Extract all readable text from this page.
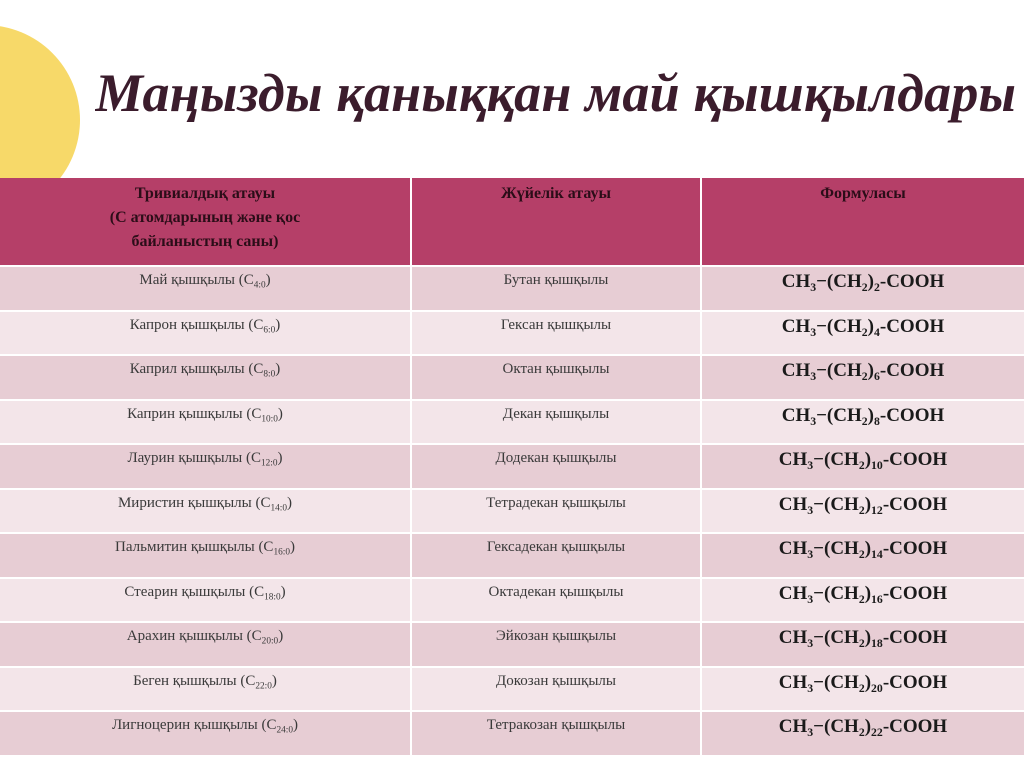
Маңызды қаныққан май қышқылдары
Тривиалдық атауы
(С атомдарының және қос
байланыстың саны)
Жүйелік атауы	Формуласы
Май қышқылы $(C_{4:0})$	Бутан қышқылы	$CH_3-(CH_2)_2$-COOH
Капрон қышқылы $(C_{6:0})$	Гексан қышқылы	$CH_3-(CH_2)_4$-COOH
Каприл қышқылы $(C_{8:0})$	Октан қышқылы	$CH_3-(CH_2)_6$-COOH
Каприн қышқылы $(C_{10:0})$	Декан қышқылы	$CH_3-(CH_2)_8$-COOH
Лаурин қышқылы $(C_{12:0})$	Додекан қышқылы	$CH_3-(CH_2)_{10}$-COOH
Миристин қышқылы $(C_{14:0})$	Тетрадекан қышқылы	$CH_3-(CH_2)_{12}$-COOH
Пальмитин қышқылы $(C_{16:0})$	Гексадекан қышқылы	$CH_3-(CH_2)_{14}$-COOH
Стеарин қышқылы $(C_{18:0})$	Октадекан қышқылы	$CH_3-(CH_2)_{16}$-COOH
Арахин қышқылы $(C_{20:0})$	Эйкозан қышқылы	$CH_3-(CH_2)_{18}$-COOH
Беген қышқылы $(C_{22:0})$	Докозан қышқылы	$CH_3-(CH_2)_{20}$-COOH
Лигноцерин қышқылы $(C_{24:0})$	Тетракозан қышқылы	$CH_3-(CH_2)_{22}$-COOH
